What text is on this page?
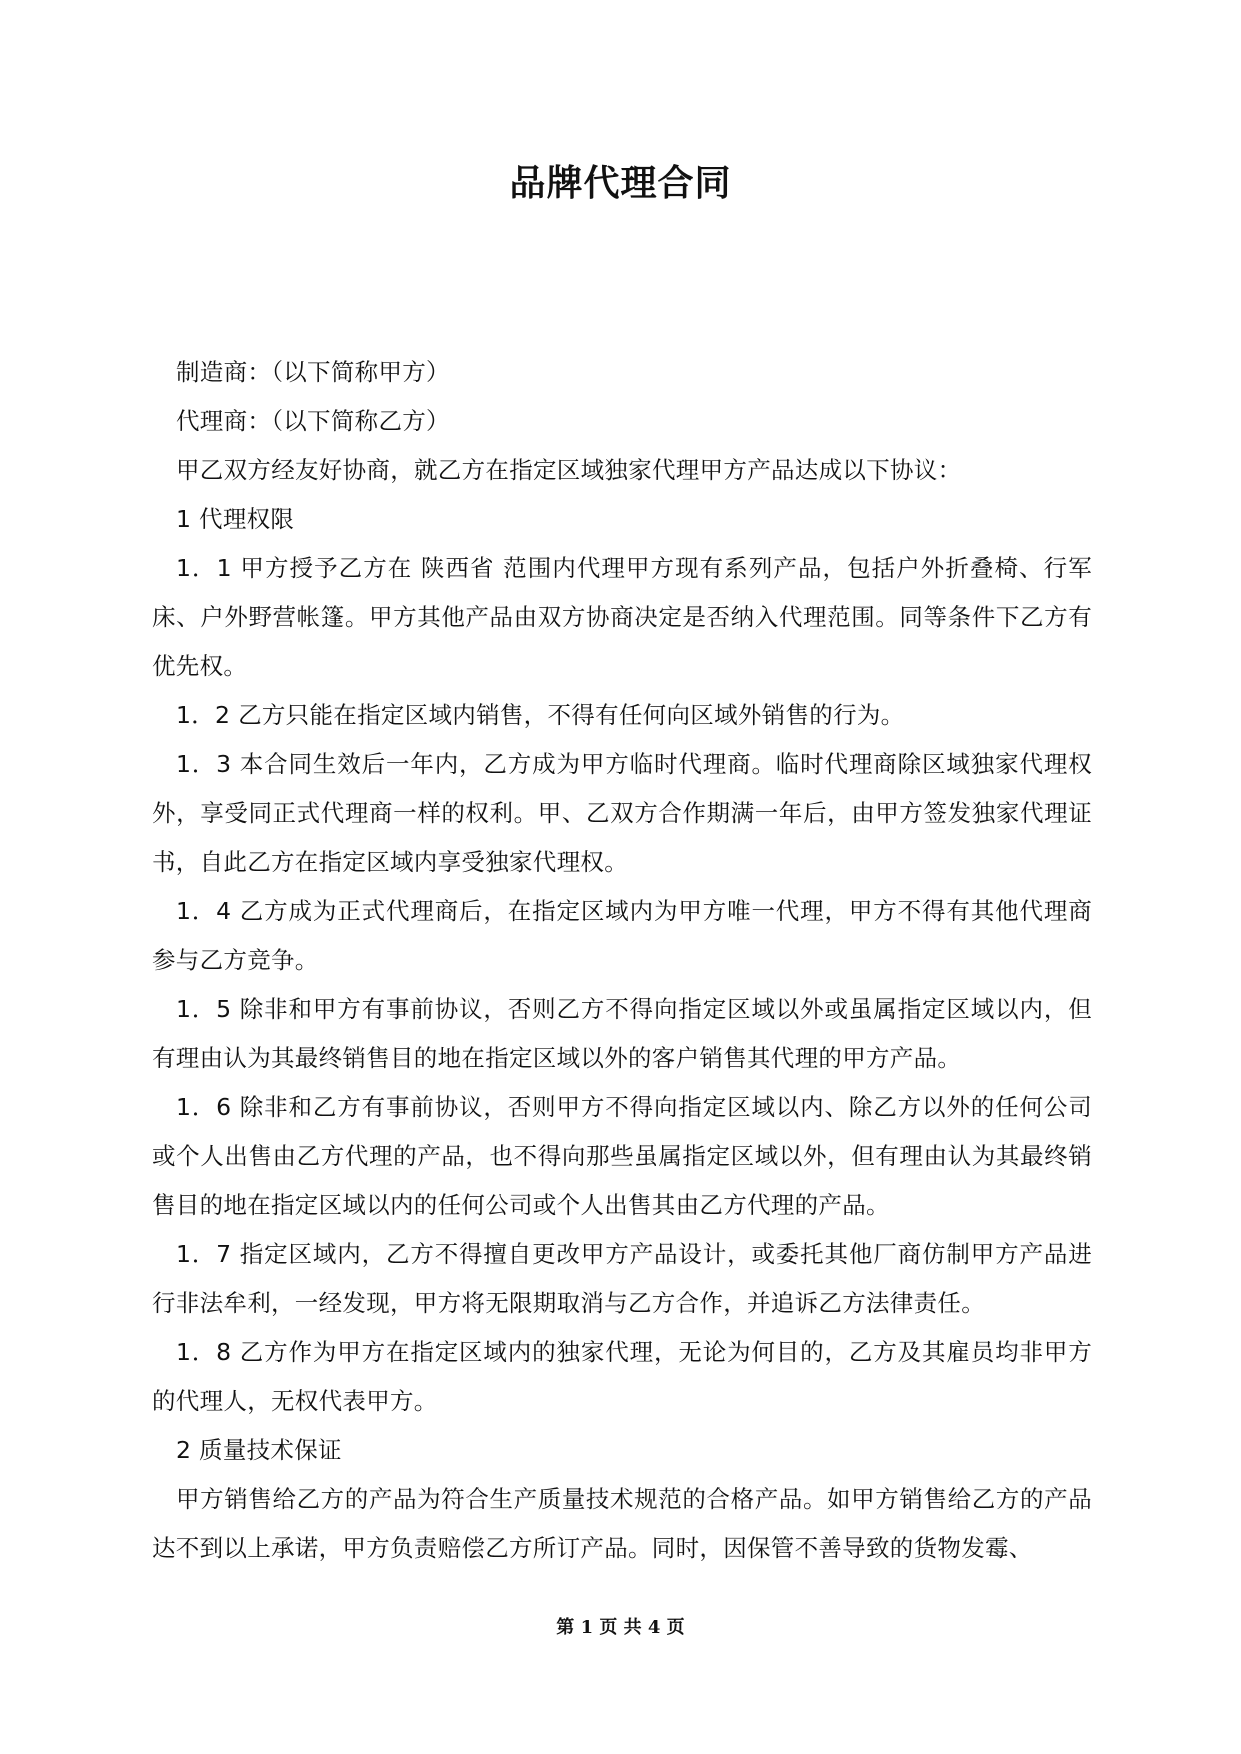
品牌代理合同

制造商：（以下简称甲方）

代理商：（以下简称乙方）

甲乙双方经友好协商，就乙方在指定区域独家代理甲方产品达成以下协议：

1 代理权限

1．1 甲方授予乙方在 陕西省 范围内代理甲方现有系列产品，包括户外折叠椅、行军床、户外野营帐篷。甲方其他产品由双方协商决定是否纳入代理范围。同等条件下乙方有优先权。

1．2 乙方只能在指定区域内销售，不得有任何向区域外销售的行为。

1．3 本合同生效后一年内，乙方成为甲方临时代理商。临时代理商除区域独家代理权外，享受同正式代理商一样的权利。甲、乙双方合作期满一年后，由甲方签发独家代理证书，自此乙方在指定区域内享受独家代理权。

1．4 乙方成为正式代理商后，在指定区域内为甲方唯一代理，甲方不得有其他代理商参与乙方竞争。

1．5 除非和甲方有事前协议，否则乙方不得向指定区域以外或虽属指定区域以内，但有理由认为其最终销售目的地在指定区域以外的客户销售其代理的甲方产品。

1．6 除非和乙方有事前协议，否则甲方不得向指定区域以内、除乙方以外的任何公司或个人出售由乙方代理的产品，也不得向那些虽属指定区域以外，但有理由认为其最终销售目的地在指定区域以内的任何公司或个人出售其由乙方代理的产品。

1．7 指定区域内，乙方不得擅自更改甲方产品设计，或委托其他厂商仿制甲方产品进行非法牟利，一经发现，甲方将无限期取消与乙方合作，并追诉乙方法律责任。

1．8 乙方作为甲方在指定区域内的独家代理，无论为何目的，乙方及其雇员均非甲方的代理人，无权代表甲方。

2 质量技术保证

甲方销售给乙方的产品为符合生产质量技术规范的合格产品。如甲方销售给乙方的产品达不到以上承诺，甲方负责赔偿乙方所订产品。同时，因保管不善导致的货物发霉、

第 1 页 共 4 页
